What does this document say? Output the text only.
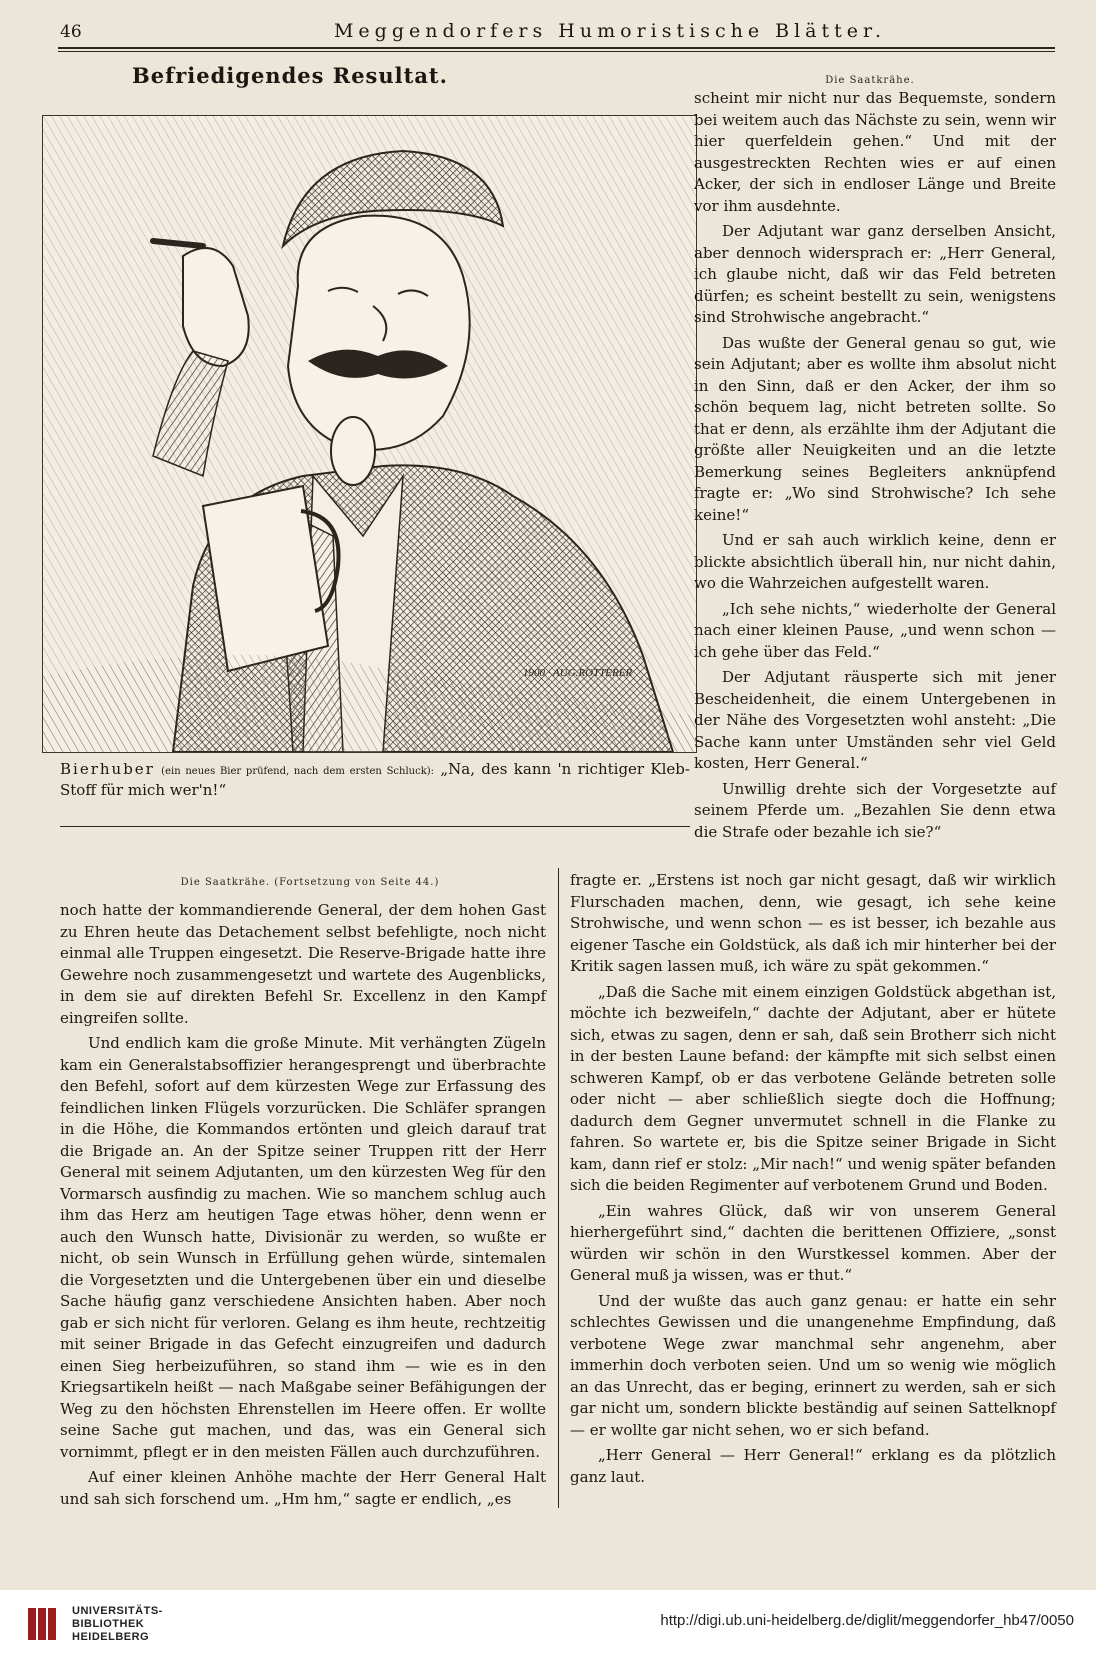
46	Meggendorfers Humoristische Blätter.
Befriedigendes Resultat.	Die Saatkrähe.
1900 · AUG.ROTTERER
Bierhuber (ein neues Bier prüfend, nach dem ersten Schluck): „Na, des kann 'n richtiger Kleb-Stoff für mich wer'n!“

scheint mir nicht nur das Bequemste, sondern bei weitem auch das Nächste zu sein, wenn wir hier querfeldein gehen.“ Und mit der ausgestreckten Rechten wies er auf einen Acker, der sich in endloser Länge und Breite vor ihm ausdehnte.

Der Adjutant war ganz derselben Ansicht, aber dennoch widersprach er: „Herr General, ich glaube nicht, daß wir das Feld betreten dürfen; es scheint bestellt zu sein, wenigstens sind Strohwische angebracht.“

Das wußte der General genau so gut, wie sein Adjutant; aber es wollte ihm absolut nicht in den Sinn, daß er den Acker, der ihm so schön bequem lag, nicht betreten sollte. So that er denn, als erzählte ihm der Adjutant die größte aller Neuigkeiten und an die letzte Bemerkung seines Begleiters anknüpfend fragte er: „Wo sind Strohwische? Ich sehe keine!“

Und er sah auch wirklich keine, denn er blickte absichtlich überall hin, nur nicht dahin, wo die Wahrzeichen aufgestellt waren.

„Ich sehe nichts,“ wiederholte der General nach einer kleinen Pause, „und wenn schon — ich gehe über das Feld.“

Der Adjutant räusperte sich mit jener Bescheidenheit, die einem Untergebenen in der Nähe des Vorgesetzten wohl ansteht: „Die Sache kann unter Umständen sehr viel Geld kosten, Herr General.“

Unwillig drehte sich der Vorgesetzte auf seinem Pferde um. „Bezahlen Sie denn etwa die Strafe oder bezahle ich sie?“

Die Saatkrähe. (Fortsetzung von Seite 44.)

noch hatte der kommandierende General, der dem hohen Gast zu Ehren heute das Detachement selbst befehligte, noch nicht einmal alle Truppen eingesetzt. Die Reserve-Brigade hatte ihre Gewehre noch zusammengesetzt und wartete des Augenblicks, in dem sie auf direkten Befehl Sr. Excellenz in den Kampf eingreifen sollte.

Und endlich kam die große Minute. Mit verhängten Zügeln kam ein Generalstabsoffizier herangesprengt und überbrachte den Befehl, sofort auf dem kürzesten Wege zur Erfassung des feindlichen linken Flügels vorzurücken. Die Schläfer sprangen in die Höhe, die Kommandos ertönten und gleich darauf trat die Brigade an. An der Spitze seiner Truppen ritt der Herr General mit seinem Adjutanten, um den kürzesten Weg für den Vormarsch ausfindig zu machen. Wie so manchem schlug auch ihm das Herz am heutigen Tage etwas höher, denn wenn er auch den Wunsch hatte, Divisionär zu werden, so wußte er nicht, ob sein Wunsch in Erfüllung gehen würde, sintemalen die Vorgesetzten und die Untergebenen über ein und dieselbe Sache häufig ganz verschiedene Ansichten haben. Aber noch gab er sich nicht für verloren. Gelang es ihm heute, rechtzeitig mit seiner Brigade in das Gefecht einzugreifen und dadurch einen Sieg herbeizuführen, so stand ihm — wie es in den Kriegsartikeln heißt — nach Maßgabe seiner Befähigungen der Weg zu den höchsten Ehrenstellen im Heere offen. Er wollte seine Sache gut machen, und das, was ein General sich vornimmt, pflegt er in den meisten Fällen auch durchzuführen.

Auf einer kleinen Anhöhe machte der Herr General Halt und sah sich forschend um. „Hm hm,“ sagte er endlich, „es

fragte er. „Erstens ist noch gar nicht gesagt, daß wir wirklich Flurschaden machen, denn, wie gesagt, ich sehe keine Strohwische, und wenn schon — es ist besser, ich bezahle aus eigener Tasche ein Goldstück, als daß ich mir hinterher bei der Kritik sagen lassen muß, ich wäre zu spät gekommen.“

„Daß die Sache mit einem einzigen Goldstück abgethan ist, möchte ich bezweifeln,“ dachte der Adjutant, aber er hütete sich, etwas zu sagen, denn er sah, daß sein Brotherr sich nicht in der besten Laune befand: der kämpfte mit sich selbst einen schweren Kampf, ob er das verbotene Gelände betreten solle oder nicht — aber schließlich siegte doch die Hoffnung; dadurch dem Gegner unvermutet schnell in die Flanke zu fahren. So wartete er, bis die Spitze seiner Brigade in Sicht kam, dann rief er stolz: „Mir nach!“ und wenig später befanden sich die beiden Regimenter auf verbotenem Grund und Boden.

„Ein wahres Glück, daß wir von unserem General hierhergeführt sind,“ dachten die berittenen Offiziere, „sonst würden wir schön in den Wurstkessel kommen. Aber der General muß ja wissen, was er thut.“

Und der wußte das auch ganz genau: er hatte ein sehr schlechtes Gewissen und die unangenehme Empfindung, daß verbotene Wege zwar manchmal sehr angenehm, aber immerhin doch verboten seien. Und um so wenig wie möglich an das Unrecht, das er beging, erinnert zu werden, sah er sich gar nicht um, sondern blickte beständig auf seinen Sattelknopf — er wollte gar nicht sehen, wo er sich befand.

„Herr General — Herr General!“ erklang es da plötzlich ganz laut.

UNIVERSITÄTS-
BIBLIOTHEK
HEIDELBERG
http://digi.ub.uni-heidelberg.de/diglit/meggendorfer_hb47/0050
